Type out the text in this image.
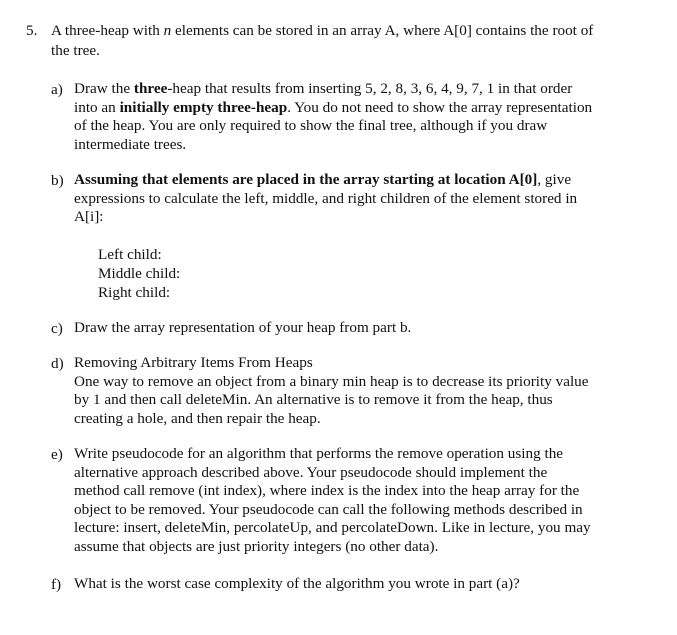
5. A three-heap with n elements can be stored in an array A, where A[0] contains the root of
the tree.
a) Draw the three-heap that results from inserting 5, 2, 8, 3, 6, 4, 9, 7, 1 in that order
into an initially empty three-heap. You do not need to show the array representation
of the heap. You are only required to show the final tree, although if you draw
intermediate trees.
b) Assuming that elements are placed in the array starting at location A[0], give
expressions to calculate the left, middle, and right children of the element stored in
A[i]:
Left child:
Middle child:
Right child:
c) Draw the array representation of your heap from part b.
d) Removing Arbitrary Items From Heaps
One way to remove an object from a binary min heap is to decrease its priority value
by 1 and then call deleteMin. An alternative is to remove it from the heap, thus
creating a hole, and then repair the heap.
e) Write pseudocode for an algorithm that performs the remove operation using the
alternative approach described above. Your pseudocode should implement the
method call remove (int index), where index is the index into the heap array for the
object to be removed. Your pseudocode can call the following methods described in
lecture: insert, deleteMin, percolateUp, and percolateDown. Like in lecture, you may
assume that objects are just priority integers (no other data).
f) What is the worst case complexity of the algorithm you wrote in part (a)?
